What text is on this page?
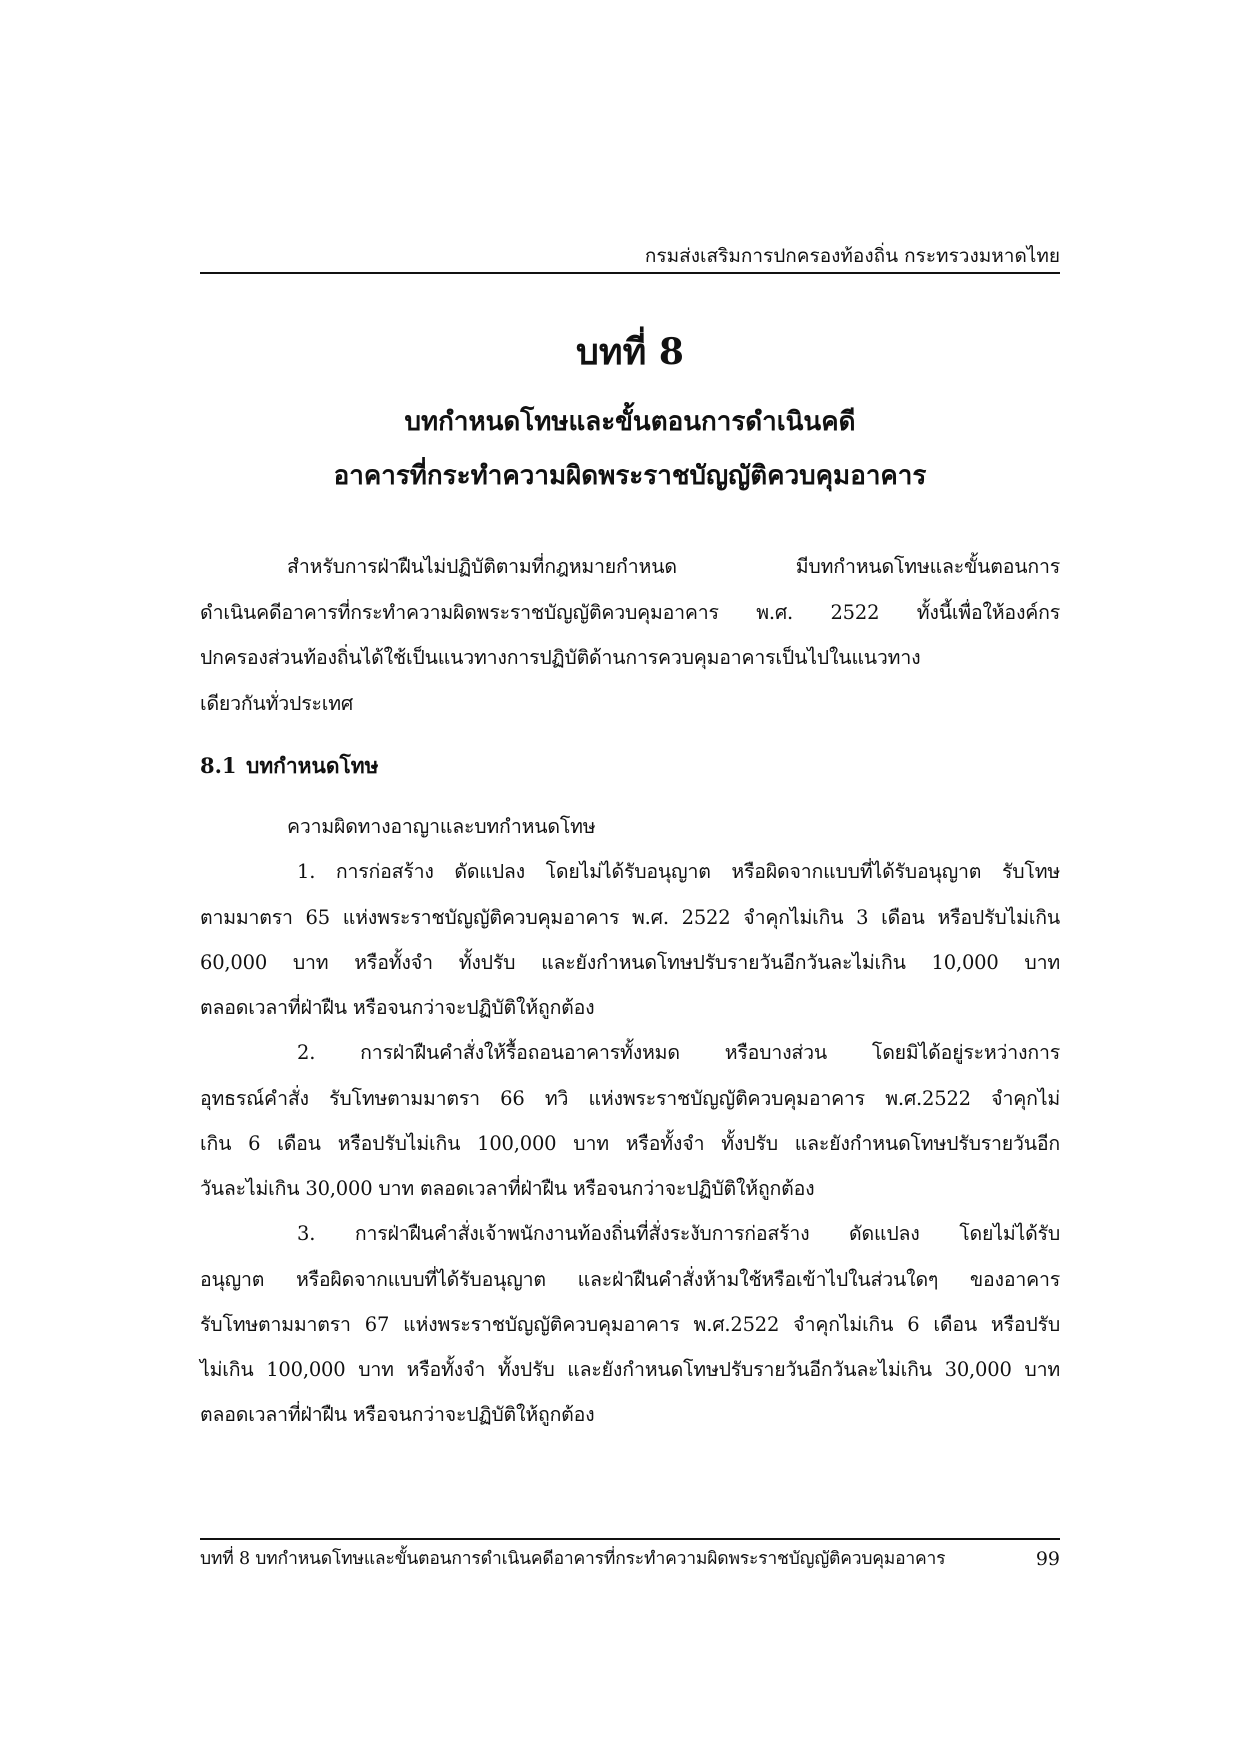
กรมส่งเสริมการปกครองท้องถิ่น กระทรวงมหาดไทย
บทที่ 8
บทกำหนดโทษและขั้นตอนการดำเนินคดี
อาคารที่กระทำความผิดพระราชบัญญัติควบคุมอาคาร
สำหรับการฝ่าฝืนไม่ปฏิบัติตามที่กฎหมายกำหนด มีบทกำหนดโทษและขั้นตอนการ
ดำเนินคดีอาคารที่กระทำความผิดพระราชบัญญัติควบคุมอาคาร พ.ศ. 2522 ทั้งนี้เพื่อให้องค์กร
ปกครองส่วนท้องถิ่นได้ใช้เป็นแนวทางการปฏิบัติด้านการควบคุมอาคารเป็นไปในแนวทาง
เดียวกันทั่วประเทศ
8.1 บทกำหนดโทษ
ความผิดทางอาญาและบทกำหนดโทษ
1. การก่อสร้าง ดัดแปลง โดยไม่ได้รับอนุญาต หรือผิดจากแบบที่ได้รับอนุญาต รับโทษ
ตามมาตรา 65 แห่งพระราชบัญญัติควบคุมอาคาร พ.ศ. 2522 จำคุกไม่เกิน 3 เดือน หรือปรับไม่เกิน
60,000 บาท หรือทั้งจำ ทั้งปรับ และยังกำหนดโทษปรับรายวันอีกวันละไม่เกิน 10,000 บาท
ตลอดเวลาที่ฝ่าฝืน หรือจนกว่าจะปฏิบัติให้ถูกต้อง
2. การฝ่าฝืนคำสั่งให้รื้อถอนอาคารทั้งหมด หรือบางส่วน โดยมิได้อยู่ระหว่างการ
อุทธรณ์คำสั่ง รับโทษตามมาตรา 66 ทวิ แห่งพระราชบัญญัติควบคุมอาคาร พ.ศ.2522 จำคุกไม่
เกิน 6 เดือน หรือปรับไม่เกิน 100,000 บาท หรือทั้งจำ ทั้งปรับ และยังกำหนดโทษปรับรายวันอีก
วันละไม่เกิน 30,000 บาท ตลอดเวลาที่ฝ่าฝืน หรือจนกว่าจะปฏิบัติให้ถูกต้อง
3. การฝ่าฝืนคำสั่งเจ้าพนักงานท้องถิ่นที่สั่งระงับการก่อสร้าง ดัดแปลง โดยไม่ได้รับ
อนุญาต หรือผิดจากแบบที่ได้รับอนุญาต และฝ่าฝืนคำสั่งห้ามใช้หรือเข้าไปในส่วนใดๆ ของอาคาร
รับโทษตามมาตรา 67 แห่งพระราชบัญญัติควบคุมอาคาร พ.ศ.2522 จำคุกไม่เกิน 6 เดือน หรือปรับ
ไม่เกิน 100,000 บาท หรือทั้งจำ ทั้งปรับ และยังกำหนดโทษปรับรายวันอีกวันละไม่เกิน 30,000 บาท
ตลอดเวลาที่ฝ่าฝืน หรือจนกว่าจะปฏิบัติให้ถูกต้อง
บทที่ 8 บทกำหนดโทษและขั้นตอนการดำเนินคดีอาคารที่กระทำความผิดพระราชบัญญัติควบคุมอาคาร	99
